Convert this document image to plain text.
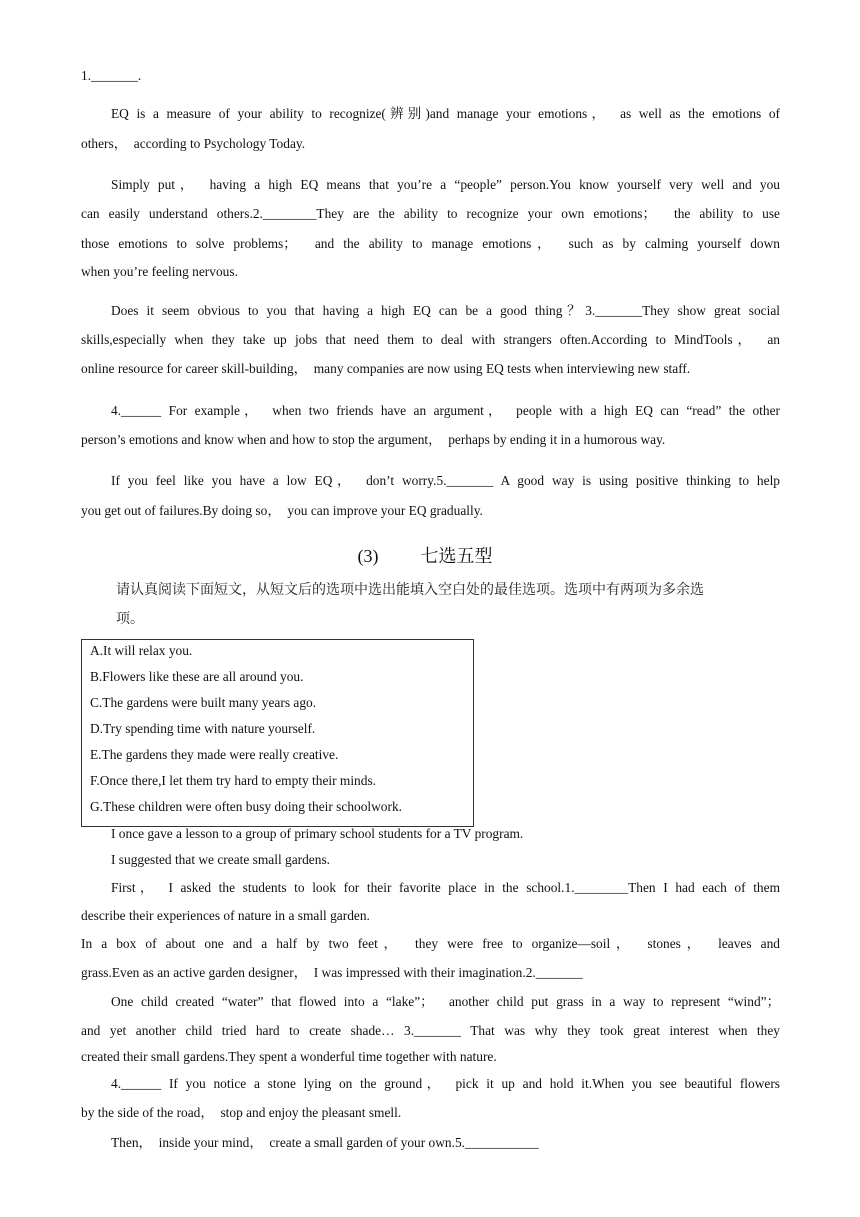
1._______.
EQ is a measure of your ability to recognize(辨别)and manage your emotions，　as well as the emotions of
others，　according to Psychology Today.
Simply put，　having a high EQ means that you’re a “people” person.You know yourself very well and you
can easily understand others.2.________They are the ability to recognize your own emotions；　the ability to use
those emotions to solve problems；　and the ability to manage emotions，　such as by calming yourself down
when you’re feeling nervous.
Does it seem obvious to you that having a high EQ can be a good thing？3._______They show great social
skills,especially when they take up jobs that need them to deal with strangers often.According to MindTools，　an
online resource for career skill-building，　many companies are now using EQ tests when interviewing new staff.
4.______ For example，　when two friends have an argument，　people with a high EQ can “read” the other
person’s emotions and know when and how to stop the argument，　perhaps by ending it in a humorous way.
If you feel like you have a low EQ，　don’t worry.5._______ A good way is using positive thinking to help
you get out of failures.By doing so，　you can improve your EQ gradually.
(3) 七选五型
请认真阅读下面短文，从短文后的选项中选出能填入空白处的最佳选项。选项中有两项为多余选
项。
A.It will relax you.
B.Flowers like these are all around you.
C.The gardens were built many years ago.
D.Try spending time with nature yourself.
E.The gardens they made were really creative.
F.Once there,I let them try hard to empty their minds.
G.These children were often busy doing their schoolwork.
I once gave a lesson to a group of primary school students for a TV program.
I suggested that we create small gardens.
First，　I asked the students to look for their favorite place in the school.1.________Then I had each of them
describe their experiences of nature in a small garden.
In a box of about one and a half by two feet，　they were free to organize—soil，　stones，　leaves and
grass.Even as an active garden designer，　I was impressed with their imagination.2._______
One child created “water” that flowed into a “lake”；　another child put grass in a way to represent “wind”；
and yet another child tried hard to create shade… 3._______ That was why they took great interest when they
created their small gardens.They spent a wonderful time together with nature.
4.______ If you notice a stone lying on the ground，　pick it up and hold it.When you see beautiful flowers
by the side of the road，　stop and enjoy the pleasant smell.
Then，　inside your mind，　create a small garden of your own.5.___________
